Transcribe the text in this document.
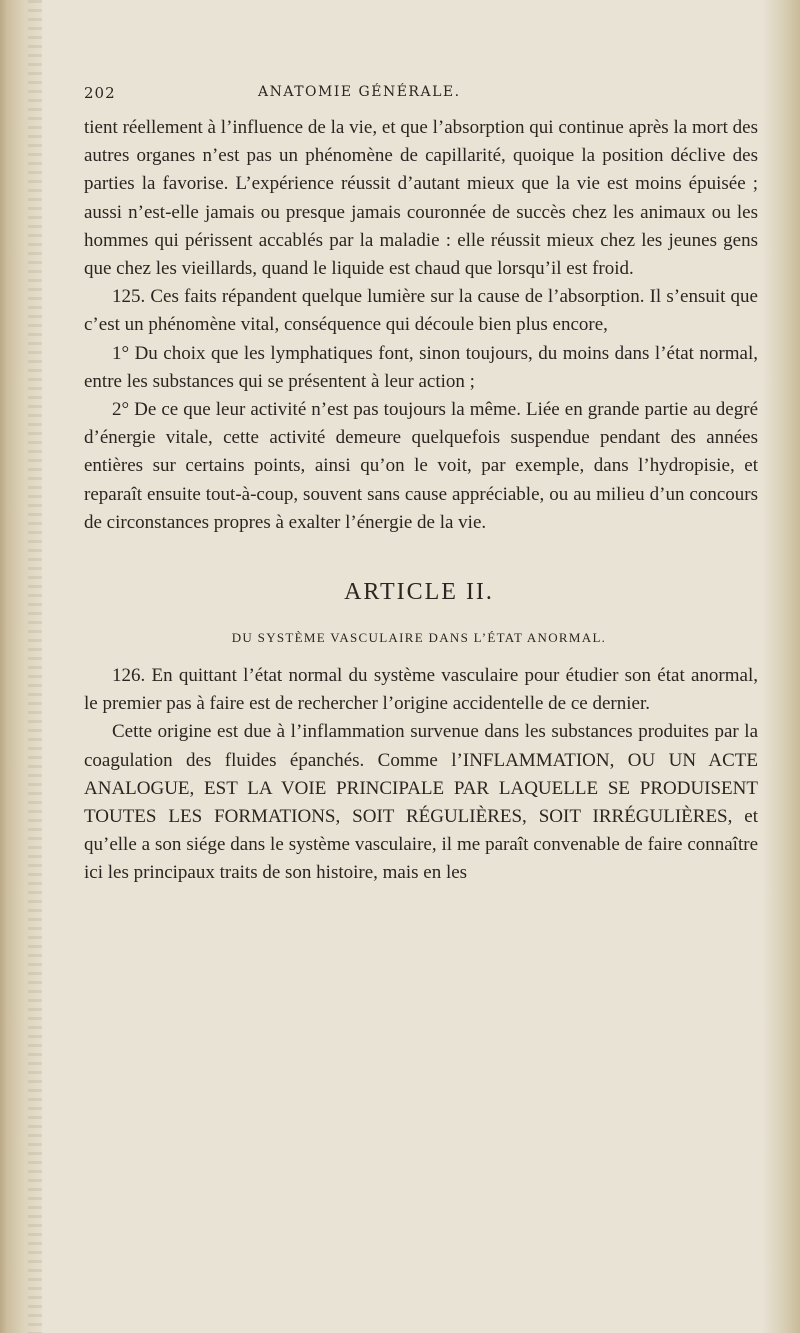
202	ANATOMIE GÉNÉRALE.

tient réellement à l’influence de la vie, et que l’absorption qui continue après la mort des autres organes n’est pas un phénomène de capillarité, quoique la position déclive des parties la favorise. L’expérience réussit d’autant mieux que la vie est moins épuisée ; aussi n’est-elle jamais ou presque jamais couronnée de succès chez les animaux ou les hommes qui périssent accablés par la maladie : elle réussit mieux chez les jeunes gens que chez les vieillards, quand le liquide est chaud que lorsqu’il est froid.

125. Ces faits répandent quelque lumière sur la cause de l’absorption. Il s’ensuit que c’est un phénomène vital, conséquence qui découle bien plus encore,

1° Du choix que les lymphatiques font, sinon toujours, du moins dans l’état normal, entre les substances qui se présentent à leur action ;

2° De ce que leur activité n’est pas toujours la même. Liée en grande partie au degré d’énergie vitale, cette activité demeure quelquefois suspendue pendant des années entières sur certains points, ainsi qu’on le voit, par exemple, dans l’hydropisie, et reparaît ensuite tout-à-coup, souvent sans cause appréciable, ou au milieu d’un concours de circonstances propres à exalter l’énergie de la vie.

ARTICLE II.
DU SYSTÈME VASCULAIRE DANS L’ÉTAT ANORMAL.

126. En quittant l’état normal du système vasculaire pour étudier son état anormal, le premier pas à faire est de rechercher l’origine accidentelle de ce dernier.

Cette origine est due à l’inflammation survenue dans les substances produites par la coagulation des fluides épanchés. Comme l’INFLAMMATION, OU UN ACTE ANALOGUE, EST LA VOIE PRINCIPALE PAR LAQUELLE SE PRODUISENT TOUTES LES FORMATIONS, SOIT RÉGULIÈRES, SOIT IRRÉGULIÈRES, et qu’elle a son siége dans le système vasculaire, il me paraît convenable de faire connaître ici les principaux traits de son histoire, mais en les
